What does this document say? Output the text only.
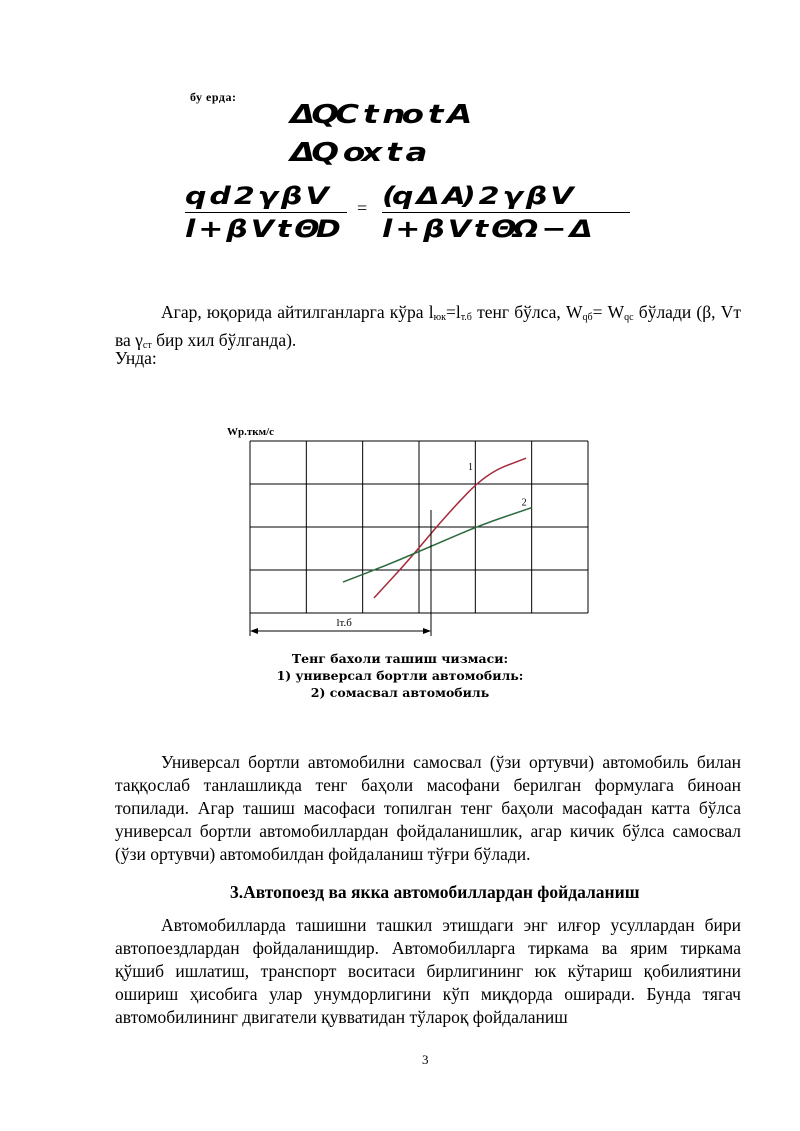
бу ерда:
ΔQC t no t A
ΔQ ox t a
q d 2 γ β V
l + β V t ΘD
= (q Δ A) 2 γ β V
l + β V t ΘΩ − Δ
Агар, юқорида айтилганларга кўра $l_{юк}=l_{т.б}$ тенг бўлса, $W_{qб}= W_{qc}$ бўлади (β, Vт ва $\gamma_{ст}$ бир хил бўлганда).
Унда:
1
2
Wр.ткм/с
lт.б
Тенг бахоли ташиш чизмаси:
1) универсал бортли автомобиль:
2) сомасвал автомобиль
Универсал бортли автомобилни самосвал (ўзи ортувчи) автомобиль билан таққослаб танлашликда тенг баҳоли масофани берилган формулага биноан топилади. Агар ташиш масофаси топилган тенг баҳоли масофадан катта бўлса универсал бортли автомобиллардан фойдаланишлик, агар кичик бўлса самосвал (ўзи ортувчи) автомобилдан фойдаланиш тўғри бўлади.
3.Автопоезд ва якка автомобиллардан фойдаланиш
Автомобилларда ташишни ташкил этишдаги энг илғор усуллардан бири автопоездлардан фойдаланишдир. Автомобилларга тиркама ва ярим тиркама қўшиб ишлатиш, транспорт воситаси бирлигининг юк кўтариш қобилиятини ошириш ҳисобига улар унумдорлигини кўп миқдорда оширади. Бунда тягач автомобилининг двигатели қувватидан тўлароқ фойдаланиш
3
